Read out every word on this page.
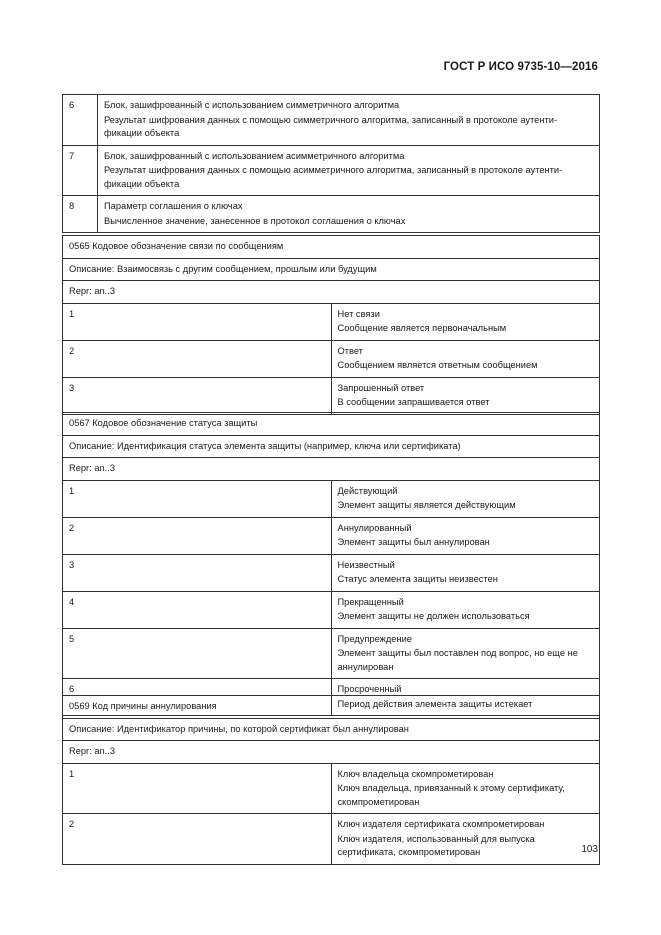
ГОСТ Р ИСО 9735-10—2016
6	Блок, зашифрованный с использованием симметричного алгоритма
Результат шифрования данных с помощью симметричного алгоритма, записанный в протоколе аутенти-фикации объекта

7	Блок, зашифрованный с использованием асимметричного алгоритма
Результат шифрования данных с помощью асимметричного алгоритма, записанный в протоколе аутенти-фикации объекта

8	Параметр соглашения о ключах
Вычисленное значение, занесенное в протокол соглашения о ключах
0565 Кодовое обозначение связи по сообщениям	
Описание: Взаимосвязь с другим сообщением, прошлым или будущим	
Repr: an..3	
1	Нет связи
Сообщение является первоначальным

2	Ответ
Сообщением является ответным сообщением

3	Запрошенный ответ
В сообщении запрашивается ответ
0567 Кодовое обозначение статуса защиты	
Описание: Идентификация статуса элемента защиты (например, ключа или сертификата)	
Repr: an..3	
1	Действующий
Элемент защиты является действующим

2	Аннулированный
Элемент защиты был аннулирован

3	Неизвестный
Статус элемента защиты неизвестен

4	Прекращенный
Элемент защиты не должен использоваться

5	Предупреждение
Элемент защиты был поставлен под вопрос, но еще не аннулирован

6	Просроченный
Период действия элемента защиты истекает
0569 Код причины аннулирования	
Описание: Идентификатор причины, по которой сертификат был аннулирован	
Repr: an..3	
1	Ключ владельца скомпрометирован
Ключ владельца, привязанный к этому сертификату, скомпрометирован

2	Ключ издателя сертификата скомпрометирован
Ключ издателя, использованный для выпуска сертификата, скомпрометирован	103
